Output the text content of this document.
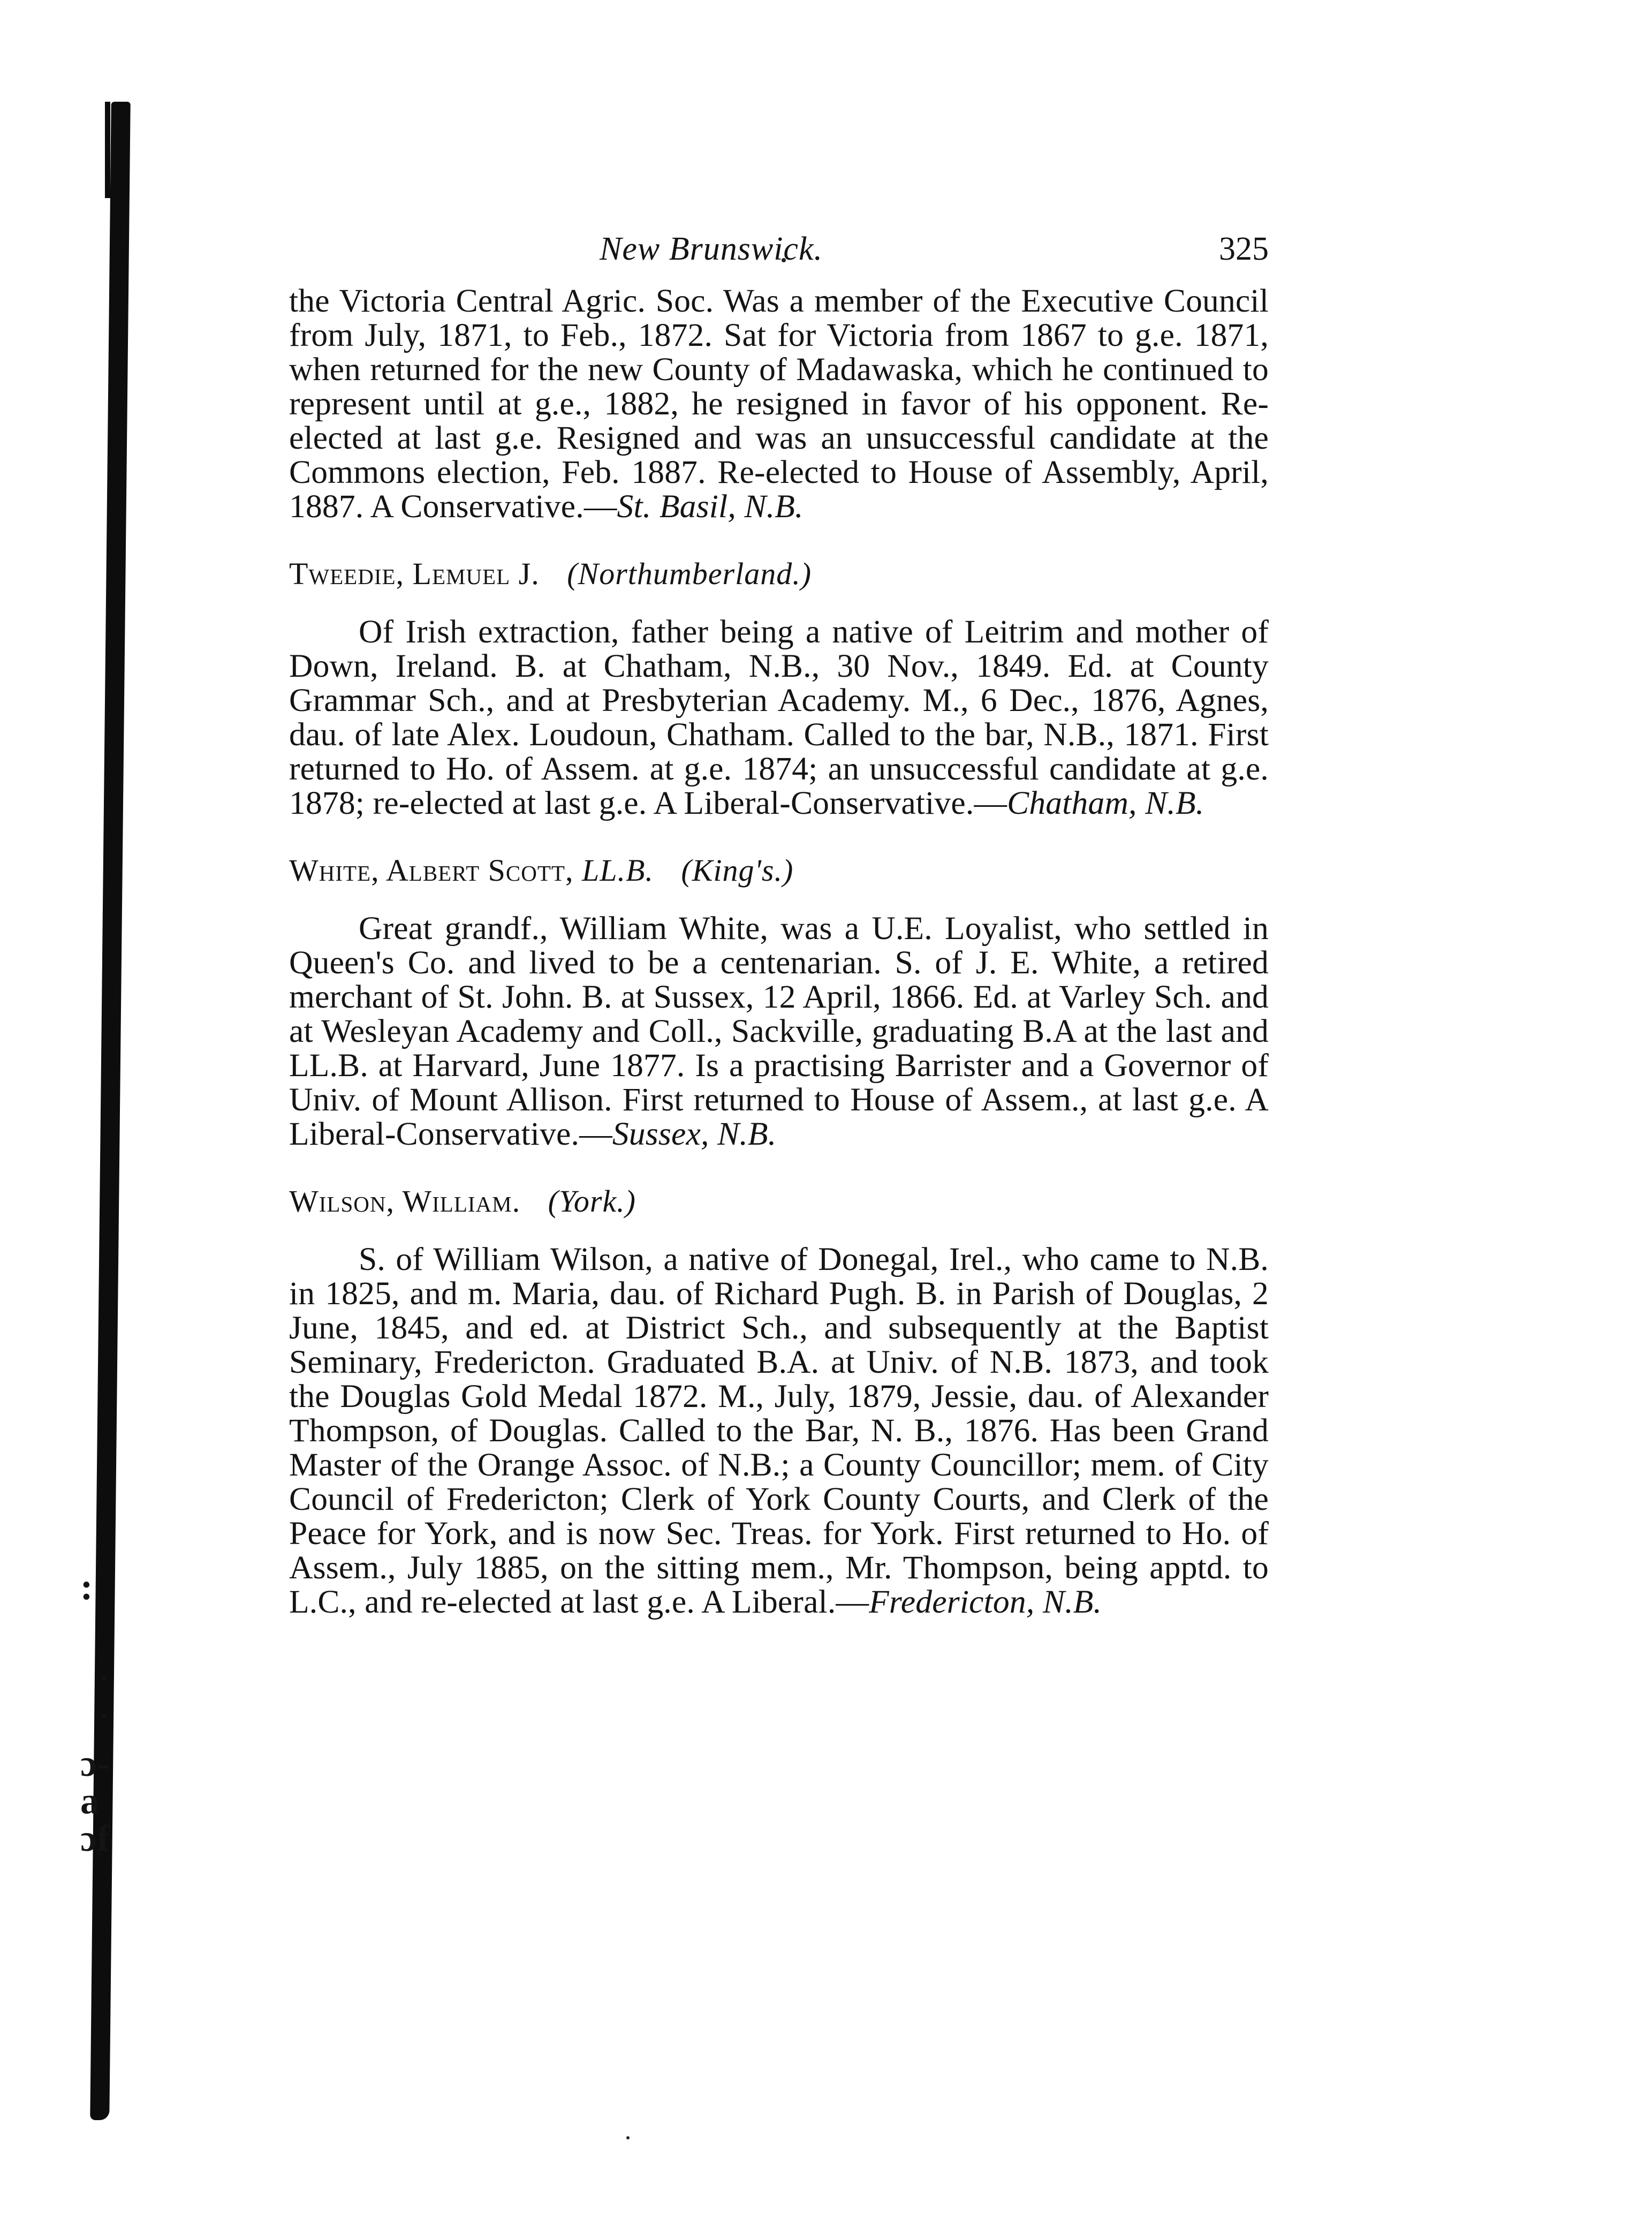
:
·
·
ɔ-
a
ɔf
New Brunswick.	325

the Victoria Central Agric. Soc. Was a member of the Executive Council from July, 1871, to Feb., 1872. Sat for Victoria from 1867 to g.e. 1871, when returned for the new County of Madawaska, which he continued to represent until at g.e., 1882, he resigned in favor of his opponent. Re-elected at last g.e. Resigned and was an unsuccessful candidate at the Commons election, Feb. 1887. Re-elected to House of Assembly, April, 1887. A Conservative.—St. Basil, N.B.

Tweedie, Lemuel J. (Northumberland.)

Of Irish extraction, father being a native of Leitrim and mother of Down, Ireland. B. at Chatham, N.B., 30 Nov., 1849. Ed. at County Grammar Sch., and at Presbyterian Academy. M., 6 Dec., 1876, Agnes, dau. of late Alex. Loudoun, Chatham. Called to the bar, N.B., 1871. First returned to Ho. of Assem. at g.e. 1874; an unsuccessful candidate at g.e. 1878; re-elected at last g.e. A Liberal-Conservative.—Chatham, N.B.

White, Albert Scott, LL.B. (King's.)

Great grandf., William White, was a U.E. Loyalist, who settled in Queen's Co. and lived to be a centenarian. S. of J. E. White, a retired merchant of St. John. B. at Sussex, 12 April, 1866. Ed. at Varley Sch. and at Wesleyan Academy and Coll., Sackville, graduating B.A at the last and LL.B. at Harvard, June 1877. Is a practising Barrister and a Governor of Univ. of Mount Allison. First returned to House of Assem., at last g.e. A Liberal-Conservative.—Sussex, N.B.

Wilson, William. (York.)

S. of William Wilson, a native of Donegal, Irel., who came to N.B. in 1825, and m. Maria, dau. of Richard Pugh. B. in Parish of Douglas, 2 June, 1845, and ed. at District Sch., and subsequently at the Baptist Seminary, Fredericton. Graduated B.A. at Univ. of N.B. 1873, and took the Douglas Gold Medal 1872. M., July, 1879, Jessie, dau. of Alexander Thompson, of Douglas. Called to the Bar, N. B., 1876. Has been Grand Master of the Orange Assoc. of N.B.; a County Councillor; mem. of City Council of Fredericton; Clerk of York County Courts, and Clerk of the Peace for York, and is now Sec. Treas. for York. First returned to Ho. of Assem., July 1885, on the sitting mem., Mr. Thompson, being apptd. to L.C., and re-elected at last g.e. A Liberal.—Fredericton, N.B.
